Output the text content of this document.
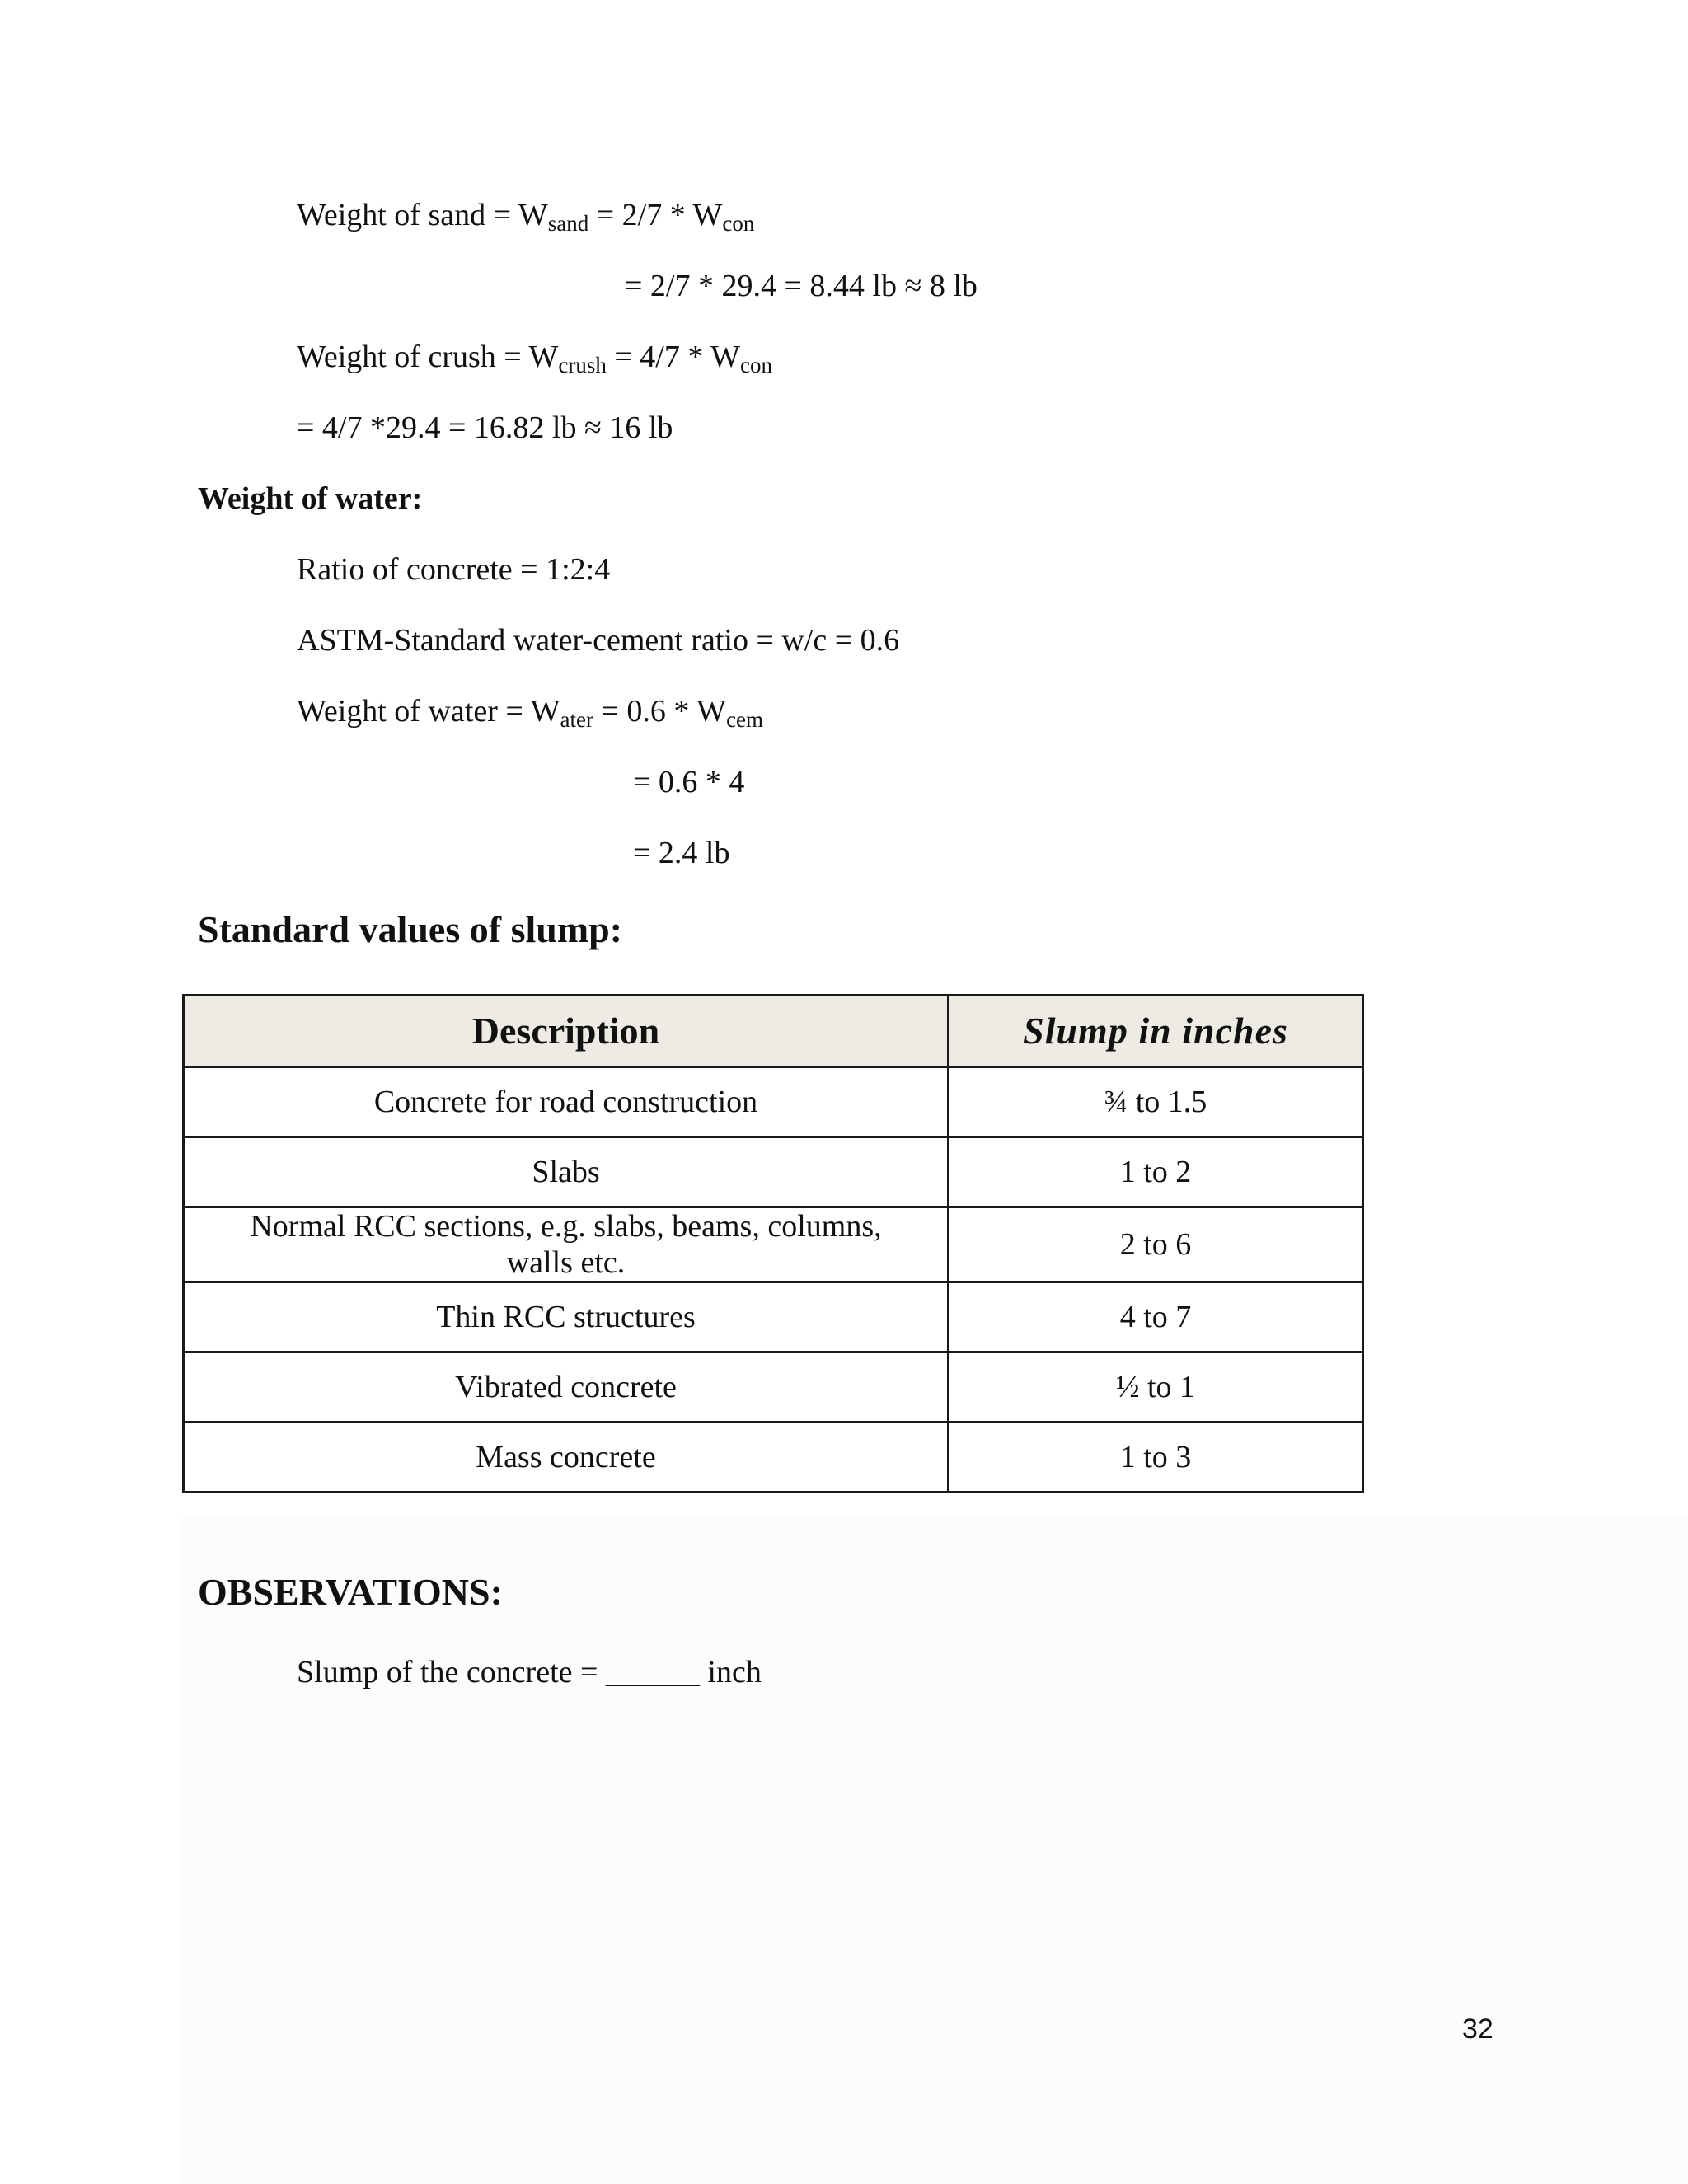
Weight of sand = $W_{sand} = 2/7 * W_{con}$
= 2/7 * 29.4 = 8.44 lb ≈ 8 lb
Weight of crush = $W_{crush} = 4/7 * W_{con}$
= 4/7 *29.4 = 16.82 lb ≈ 16 lb
Weight of water:
Ratio of concrete = 1:2:4
ASTM-Standard water-cement ratio = w/c = 0.6
Weight of water = $W_{ater} = 0.6 * W_{cem}$
= 0.6 * 4
= 2.4 lb
Standard values of slump:
Description	Slump in inches
Concrete for road construction	¾ to 1.5
Slabs	1 to 2
Normal RCC sections, e.g. slabs, beams, columns,
walls etc.	2 to 6
Thin RCC structures	4 to 7
Vibrated concrete	½ to 1
Mass concrete	1 to 3
OBSERVATIONS:
Slump of the concrete = ______ inch
32
